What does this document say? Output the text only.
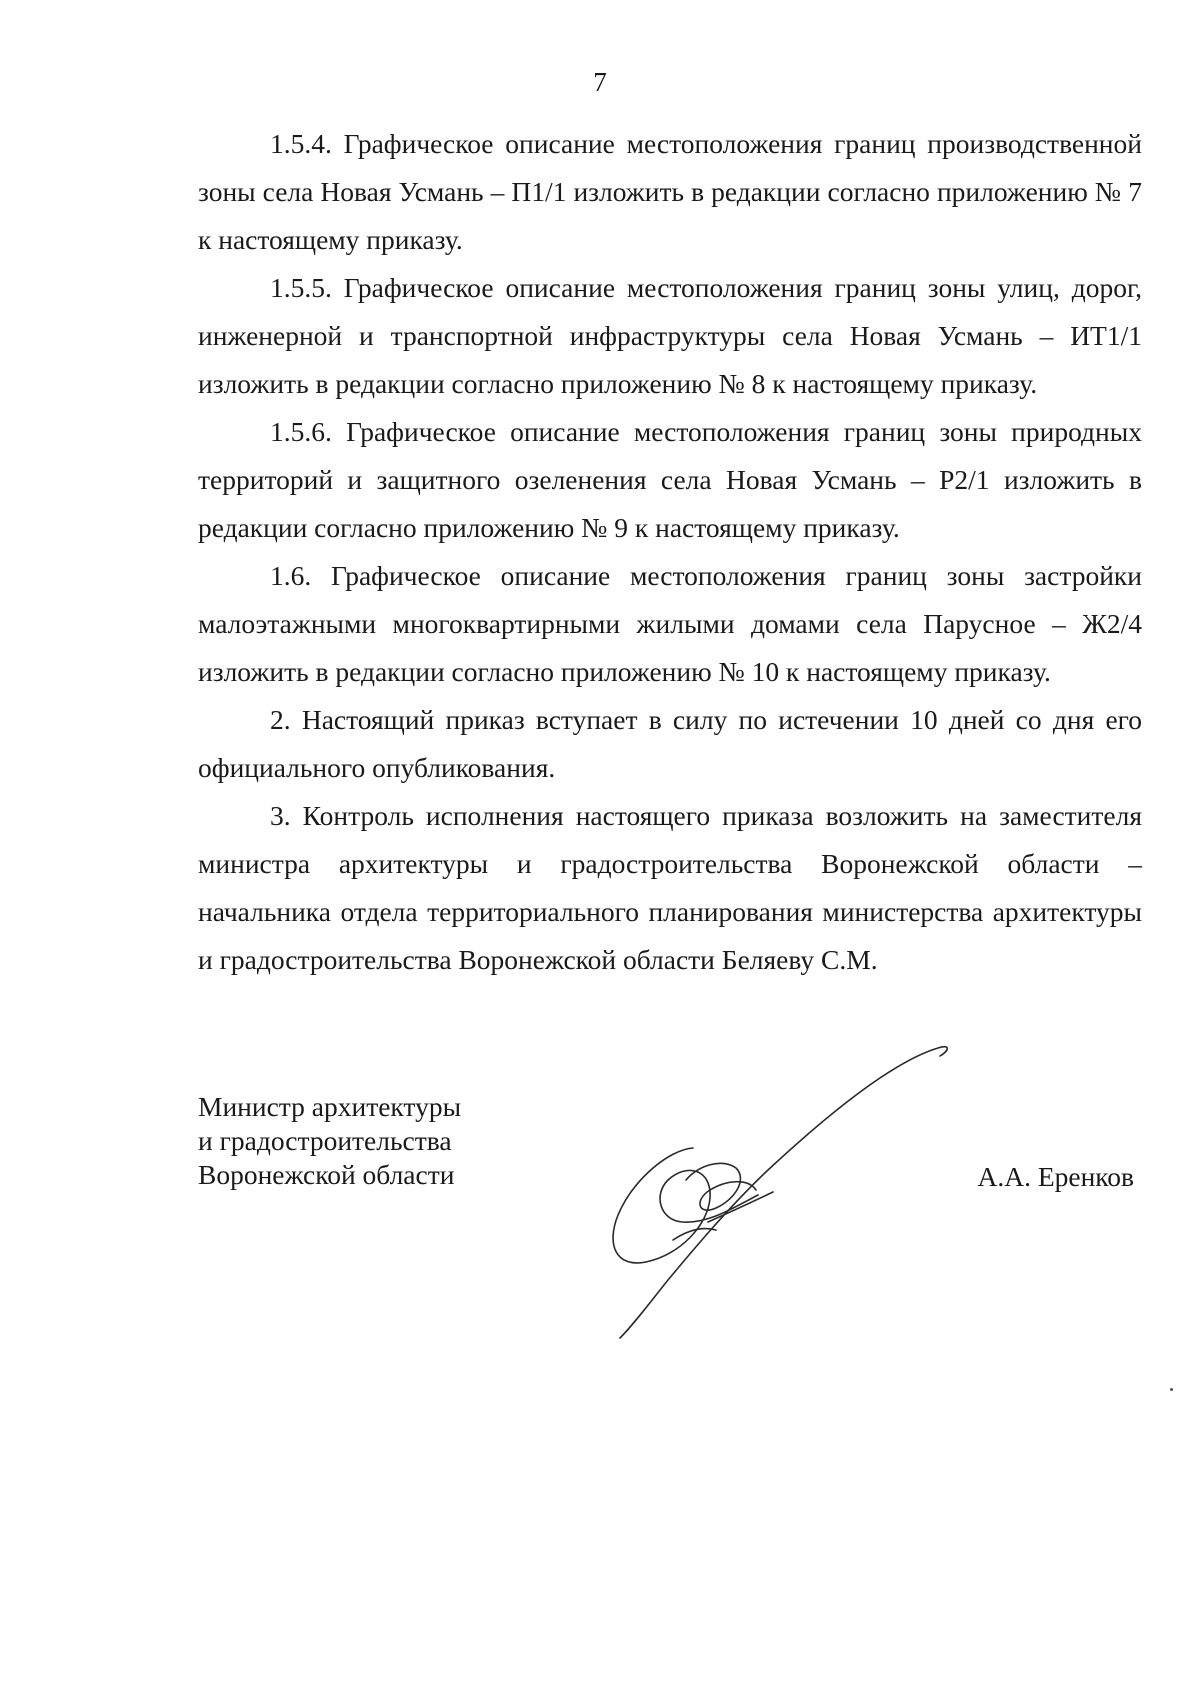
7

1.5.4. Графическое описание местоположения границ производственной зоны села Новая Усмань – П1/1 изложить в редакции согласно приложению № 7 к настоящему приказу.

1.5.5. Графическое описание местоположения границ зоны улиц, дорог, инженерной и транспортной инфраструктуры села Новая Усмань – ИТ1/1 изложить в редакции согласно приложению № 8 к настоящему приказу.

1.5.6. Графическое описание местоположения границ зоны природных территорий и защитного озеленения села Новая Усмань – Р2/1 изложить в редакции согласно приложению № 9 к настоящему приказу.

1.6. Графическое описание местоположения границ зоны застройки малоэтажными многоквартирными жилыми домами села Парусное – Ж2/4 изложить в редакции согласно приложению № 10 к настоящему приказу.

2. Настоящий приказ вступает в силу по истечении 10 дней со дня его официального опубликования.

3. Контроль исполнения настоящего приказа возложить на заместителя министра архитектуры и градостроительства Воронежской области – начальника отдела территориального планирования министерства архитектуры и градостроительства Воронежской области Беляеву С.М.

Министр архитектуры
и градостроительства
Воронежской области	А.А. Еренков
